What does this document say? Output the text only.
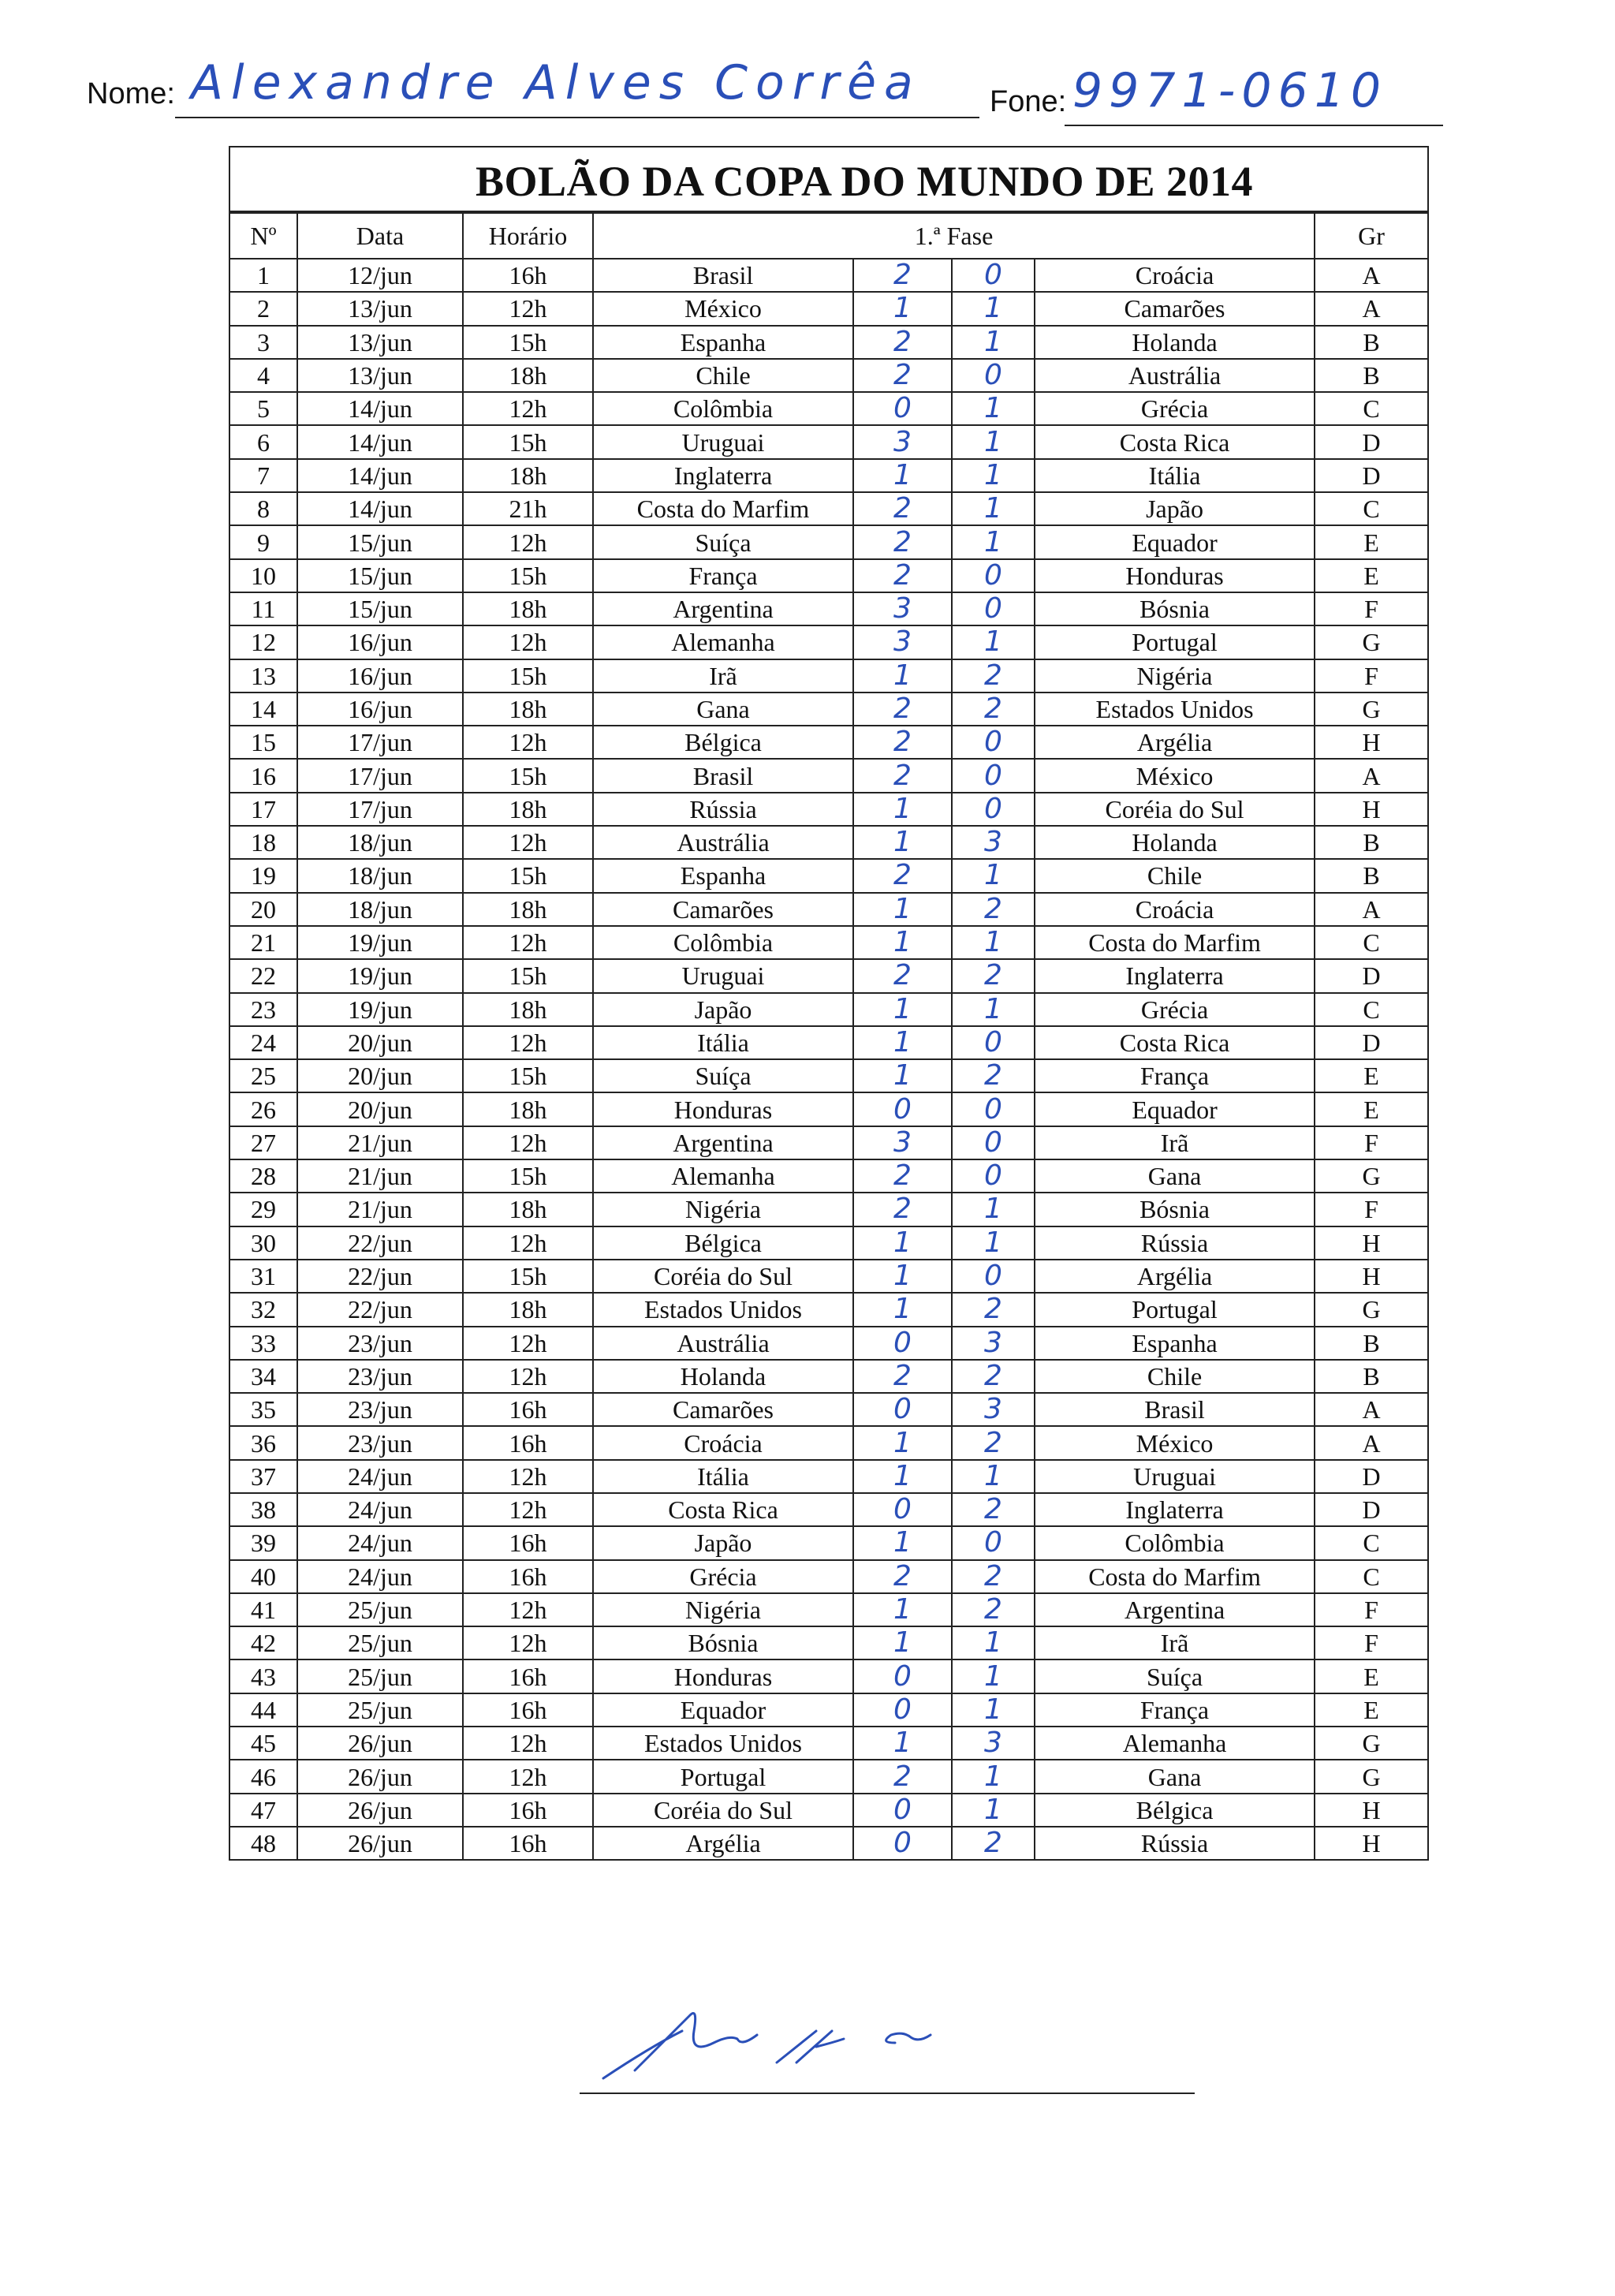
Nome: Alexandre Alves Corrêa Fone: 9971-0610
BOLÃO DA COPA DO MUNDO DE 2014
Nº	Data	Horário	1.ª Fase				Gr
1	12/jun	16h	Brasil	2	0	Croácia	A
2	13/jun	12h	México	1	1	Camarões	A
3	13/jun	15h	Espanha	2	1	Holanda	B
4	13/jun	18h	Chile	2	0	Austrália	B
5	14/jun	12h	Colômbia	0	1	Grécia	C
6	14/jun	15h	Uruguai	3	1	Costa Rica	D
7	14/jun	18h	Inglaterra	1	1	Itália	D
8	14/jun	21h	Costa do Marfim	2	1	Japão	C
9	15/jun	12h	Suíça	2	1	Equador	E
10	15/jun	15h	França	2	0	Honduras	E
11	15/jun	18h	Argentina	3	0	Bósnia	F
12	16/jun	12h	Alemanha	3	1	Portugal	G
13	16/jun	15h	Irã	1	2	Nigéria	F
14	16/jun	18h	Gana	2	2	Estados Unidos	G
15	17/jun	12h	Bélgica	2	0	Argélia	H
16	17/jun	15h	Brasil	2	0	México	A
17	17/jun	18h	Rússia	1	0	Coréia do Sul	H
18	18/jun	12h	Austrália	1	3	Holanda	B
19	18/jun	15h	Espanha	2	1	Chile	B
20	18/jun	18h	Camarões	1	2	Croácia	A
21	19/jun	12h	Colômbia	1	1	Costa do Marfim	C
22	19/jun	15h	Uruguai	2	2	Inglaterra	D
23	19/jun	18h	Japão	1	1	Grécia	C
24	20/jun	12h	Itália	1	0	Costa Rica	D
25	20/jun	15h	Suíça	1	2	França	E
26	20/jun	18h	Honduras	0	0	Equador	E
27	21/jun	12h	Argentina	3	0	Irã	F
28	21/jun	15h	Alemanha	2	0	Gana	G
29	21/jun	18h	Nigéria	2	1	Bósnia	F
30	22/jun	12h	Bélgica	1	1	Rússia	H
31	22/jun	15h	Coréia do Sul	1	0	Argélia	H
32	22/jun	18h	Estados Unidos	1	2	Portugal	G
33	23/jun	12h	Austrália	0	3	Espanha	B
34	23/jun	12h	Holanda	2	2	Chile	B
35	23/jun	16h	Camarões	0	3	Brasil	A
36	23/jun	16h	Croácia	1	2	México	A
37	24/jun	12h	Itália	1	1	Uruguai	D
38	24/jun	12h	Costa Rica	0	2	Inglaterra	D
39	24/jun	16h	Japão	1	0	Colômbia	C
40	24/jun	16h	Grécia	2	2	Costa do Marfim	C
41	25/jun	12h	Nigéria	1	2	Argentina	F
42	25/jun	12h	Bósnia	1	1	Irã	F
43	25/jun	16h	Honduras	0	1	Suíça	E
44	25/jun	16h	Equador	0	1	França	E
45	26/jun	12h	Estados Unidos	1	3	Alemanha	G
46	26/jun	12h	Portugal	2	1	Gana	G
47	26/jun	16h	Coréia do Sul	0	1	Bélgica	H
48	26/jun	16h	Argélia	0	2	Rússia	H
